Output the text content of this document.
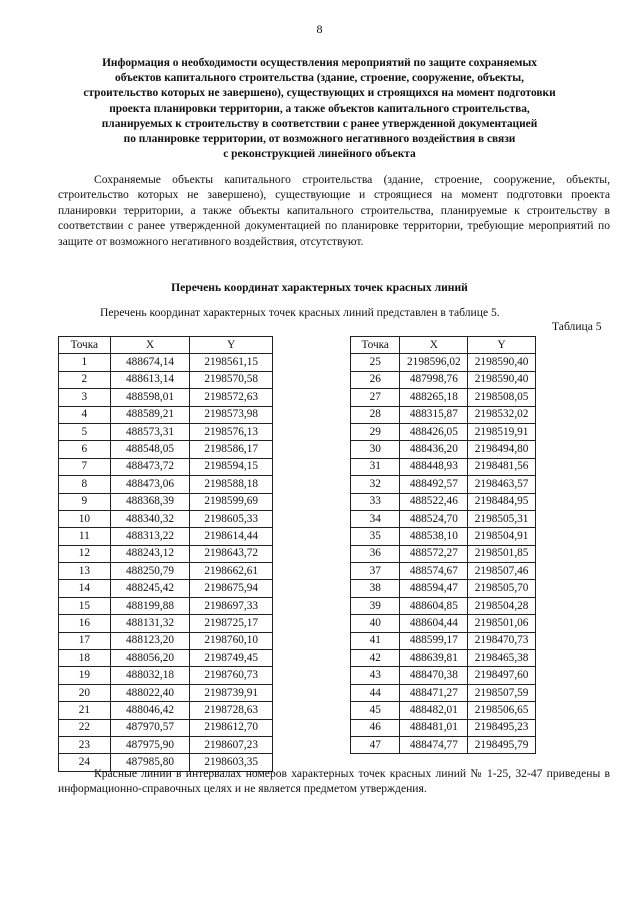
8
Информация о необходимости осуществления мероприятий по защите сохраняемых
объектов капитального строительства (здание, строение, сооружение, объекты,
строительство которых не завершено), существующих и строящихся на момент подготовки
проекта планировки территории, а также объектов капитального строительства,
планируемых к строительству в соответствии с ранее утвержденной документацией
по планировке территории, от возможного негативного воздействия в связи
с реконструкцией линейного объекта

Сохраняемые объекты капитального строительства (здание, строение, сооружение, объекты, строительство которых не завершено), существующие и строящиеся на момент подготовки проекта планировки территории, а также объекты капитального строительства, планируемые к строительству в соответствии с ранее утвержденной документацией по планировке территории, требующие мероприятий по защите от возможного негативного воздействия, отсутствуют.

Перечень координат характерных точек красных линий
Перечень координат характерных точек красных линий представлен в таблице 5.
Таблица 5
Точка	X	Y
1	488674,14	2198561,15
2	488613,14	2198570,58
3	488598,01	2198572,63
4	488589,21	2198573,98
5	488573,31	2198576,13
6	488548,05	2198586,17
7	488473,72	2198594,15
8	488473,06	2198588,18
9	488368,39	2198599,69
10	488340,32	2198605,33
11	488313,22	2198614,44
12	488243,12	2198643,72
13	488250,79	2198662,61
14	488245,42	2198675,94
15	488199,88	2198697,33
16	488131,32	2198725,17
17	488123,20	2198760,10
18	488056,20	2198749,45
19	488032,18	2198760,73
20	488022,40	2198739,91
21	488046,42	2198728,63
22	487970,57	2198612,70
23	487975,90	2198607,23
24	487985,80	2198603,35
Точка	X	Y
25	2198596,02	2198590,40
26	487998,76	2198590,40
27	488265,18	2198508,05
28	488315,87	2198532,02
29	488426,05	2198519,91
30	488436,20	2198494,80
31	488448,93	2198481,56
32	488492,57	2198463,57
33	488522,46	2198484,95
34	488524,70	2198505,31
35	488538,10	2198504,91
36	488572,27	2198501,85
37	488574,67	2198507,46
38	488594,47	2198505,70
39	488604,85	2198504,28
40	488604,44	2198501,06
41	488599,17	2198470,73
42	488639,81	2198465,38
43	488470,38	2198497,60
44	488471,27	2198507,59
45	488482,01	2198506,65
46	488481,01	2198495,23
47	488474,77	2198495,79

Красные линии в интервалах номеров характерных точек красных линий № 1-25, 32-47 приведены в информационно-справочных целях и не является предметом утверждения.
